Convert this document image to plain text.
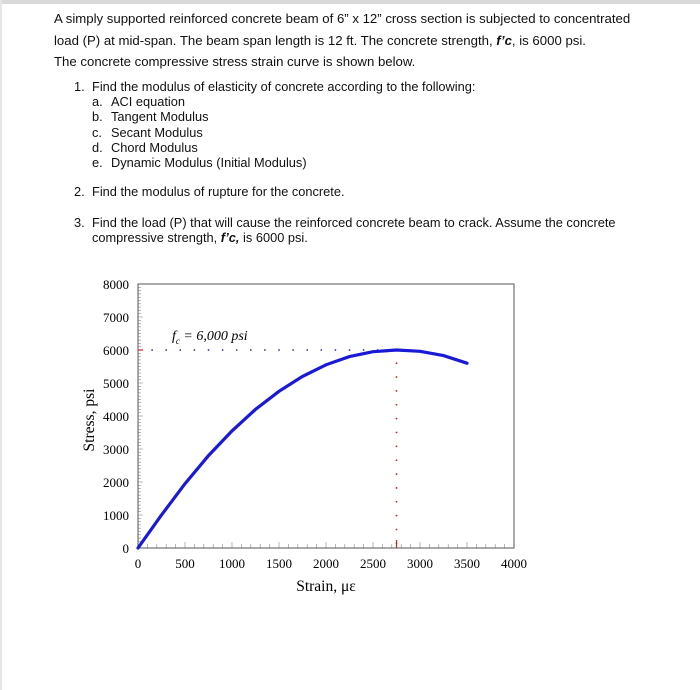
A simply supported reinforced concrete beam of 6” x 12” cross section is subjected to concentrated

load (P) at mid-span. The beam span length is 12 ft. The concrete strength, f’c, is 6000 psi.

The concrete compressive stress strain curve is shown below.

1. Find the modulus of elasticity of concrete according to the following:
a. ACI equation
b. Tangent Modulus
c. Secant Modulus
d. Chord Modulus
e. Dynamic Modulus (Initial Modulus)
2. Find the modulus of rupture for the concrete.
3. Find the load (P) that will cause the reinforced concrete beam to crack. Assume the concrete
compressive strength, f’c, is 6000 psi.
0
1000
2000
3000
4000
5000
6000
7000
8000
0	500 1000 1500 2000 2500 3000 3500 4000
$f_c = 6,000$ psi
Strain, με
Stress, psi
